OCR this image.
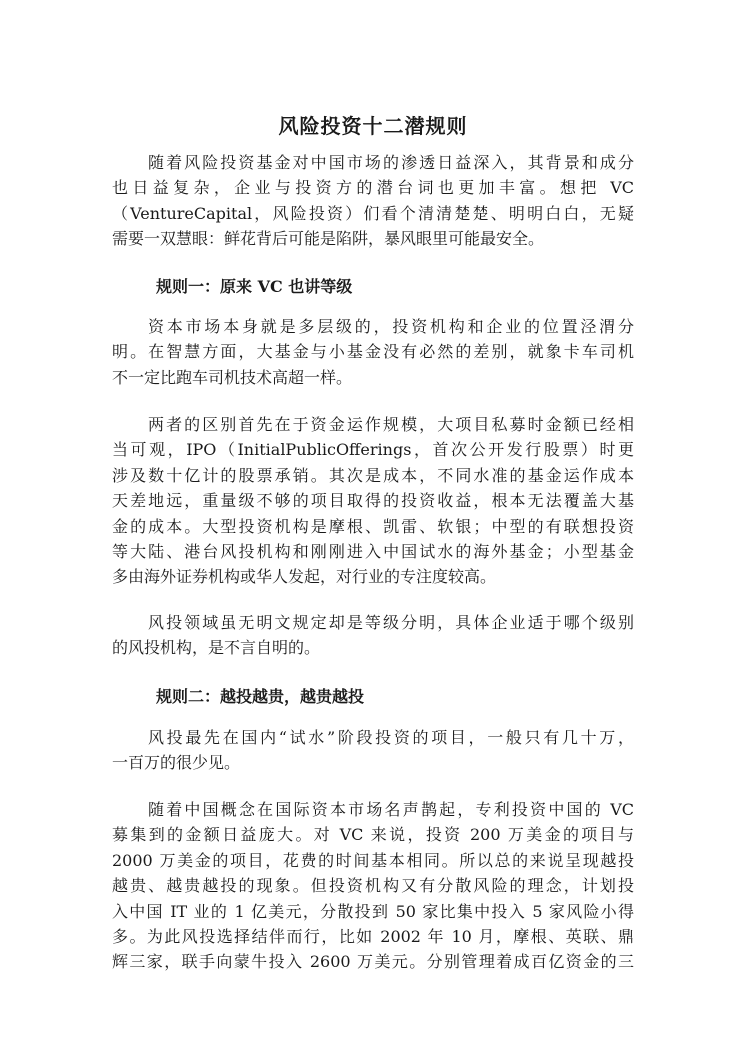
风险投资十二潜规则
随着风险投资基金对中国市场的渗透日益深入，其背景和成分
也日益复杂，企业与投资方的潜台词也更加丰富。想把 VC
（VentureCapital，风险投资）们看个清清楚楚、明明白白，无疑
需要一双慧眼：鲜花背后可能是陷阱，暴风眼里可能最安全。
规则一：原来 VC 也讲等级
资本市场本身就是多层级的，投资机构和企业的位置泾渭分
明。在智慧方面，大基金与小基金没有必然的差别，就象卡车司机
不一定比跑车司机技术高超一样。
两者的区别首先在于资金运作规模，大项目私募时金额已经相
当可观，IPO（InitialPublicOfferings，首次公开发行股票）时更
涉及数十亿计的股票承销。其次是成本，不同水准的基金运作成本
天差地远，重量级不够的项目取得的投资收益，根本无法覆盖大基
金的成本。大型投资机构是摩根、凯雷、软银；中型的有联想投资
等大陆、港台风投机构和刚刚进入中国试水的海外基金；小型基金
多由海外证券机构或华人发起，对行业的专注度较高。
风投领域虽无明文规定却是等级分明，具体企业适于哪个级别
的风投机构，是不言自明的。
规则二：越投越贵，越贵越投
风投最先在国内“试水”阶段投资的项目，一般只有几十万，
一百万的很少见。
随着中国概念在国际资本市场名声鹊起，专利投资中国的 VC
募集到的金额日益庞大。对 VC 来说，投资 200 万美金的项目与
2000 万美金的项目，花费的时间基本相同。所以总的来说呈现越投
越贵、越贵越投的现象。但投资机构又有分散风险的理念，计划投
入中国 IT 业的 1 亿美元，分散投到 50 家比集中投入 5 家风险小得
多。为此风投选择结伴而行，比如 2002 年 10 月，摩根、英联、鼎
辉三家，联手向蒙牛投入 2600 万美元。分别管理着成百亿资金的三
